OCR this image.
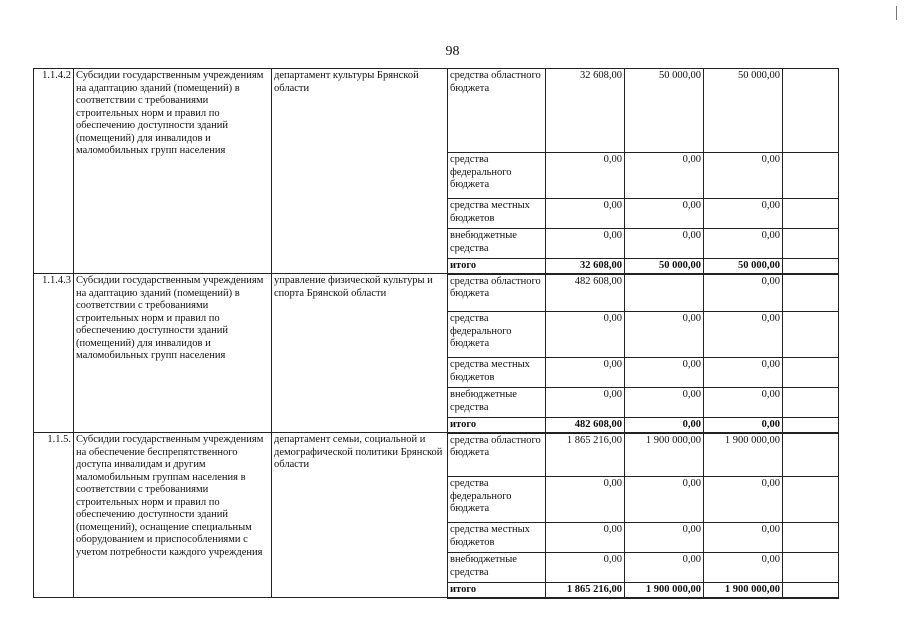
98
1.1.4.2	Субсидии государственным учреждениям на адаптацию зданий (помещений) в соответствии с требованиями строительных норм и правил по обеспечению доступности зданий (помещений) для инвалидов и маломобильных групп населения	департамент культуры Брянской области	средства областного бюджета	32 608,00	50 000,00	50 000,00	
			средства федерального бюджета	0,00	0,00	0,00	
			средства местных бюджетов	0,00	0,00	0,00	
			внебюджетные средства	0,00	0,00	0,00	
			итого	32 608,00	50 000,00	50 000,00	
1.1.4.3	Субсидии государственным учреждениям на адаптацию зданий (помещений) в соответствии с требованиями строительных норм и правил по обеспечению доступности зданий (помещений) для инвалидов и маломобильных групп населения	управление физической культуры и спорта Брянской области	средства областного бюджета	482 608,00		0,00	
			средства федерального бюджета	0,00	0,00	0,00	
			средства местных бюджетов	0,00	0,00	0,00	
			внебюджетные средства	0,00	0,00	0,00	
			итого	482 608,00	0,00	0,00	
1.1.5.	Субсидии государственным учреждениям на обеспечение беспрепятственного доступа инвалидам и другим маломобильным группам населения в соответствии с требованиями строительных норм и правил по обеспечению доступности зданий (помещений), оснащение специальным оборудованием и приспособлениями с учетом потребности каждого учреждения	департамент семьи, социальной и демографической политики Брянской области	средства областного бюджета	1 865 216,00	1 900 000,00	1 900 000,00	
			средства федерального бюджета	0,00	0,00	0,00	
			средства местных бюджетов	0,00	0,00	0,00	
			внебюджетные средства	0,00	0,00	0,00	
			итого	1 865 216,00	1 900 000,00	1 900 000,00	
